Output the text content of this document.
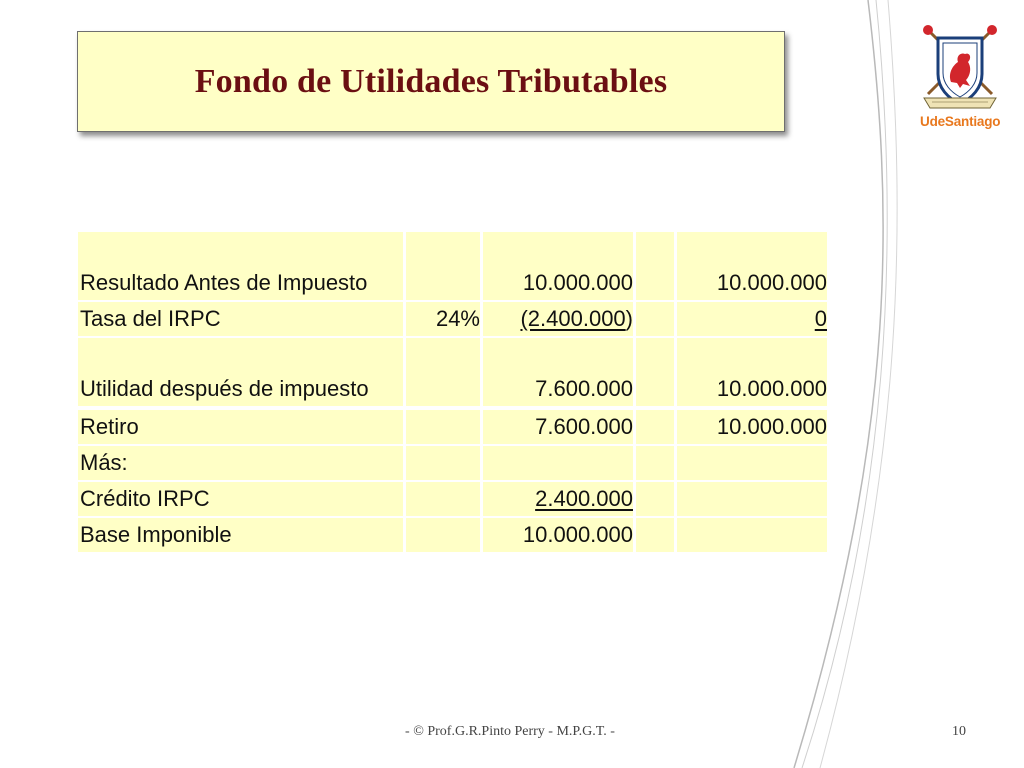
Fondo de Utilidades Tributables
UdeSantiago

Resultado Antes de Impuesto		10.000.000		10.000.000
Tasa del IRPC	24%	(2.400.000)		0
Utilidad después de impuesto		7.600.000		10.000.000

Retiro		7.600.000		10.000.000
Más:				
Crédito IRPC		2.400.000		
Base Imponible		10.000.000		
- © Prof.G.R.Pinto Perry - M.P.G.T. -	10
